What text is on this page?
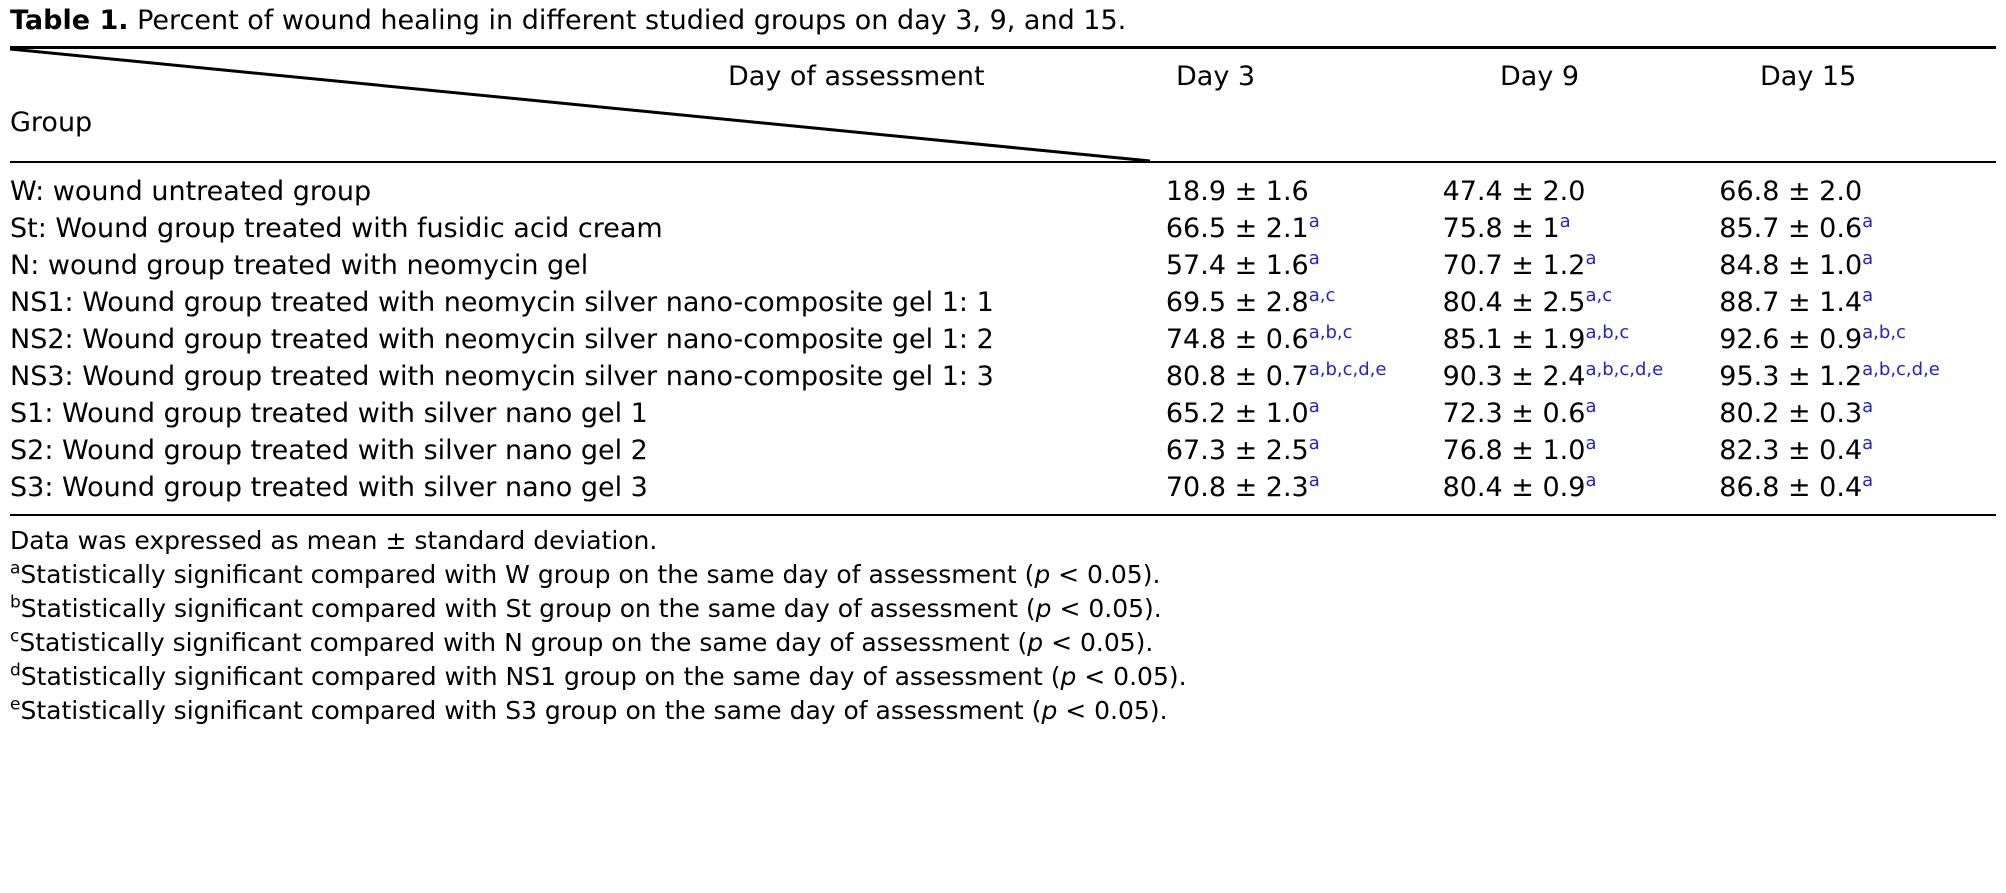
Table 1. Percent of wound healing in different studied groups on day 3, 9, and 15.
Day of assessment
Group
Day 3	Day 9	Day 15

W: wound untreated group	18.9 ± 1.6	47.4 ± 2.0	66.8 ± 2.0
St: Wound group treated with fusidic acid cream	66.5 ± 2.1$^a$	$75.8 \pm 1^a$	85.7 ± 0.6$^a$
N: wound group treated with neomycin gel	57.4 ± 1.6$^a$	70.7 ± 1.2$^a$	84.8 ± 1.0$^a$
NS1: Wound group treated with neomycin silver nano-composite gel 1: 1	$69.5 \pm 2.8^{a,c}$	$80.4 \pm 2.5^{a,c}$	88.7 ± 1.4$^a$
NS2: Wound group treated with neomycin silver nano-composite gel 1: 2	$74.8 \pm 0.6^{a,b,c}$	$85.1 \pm 1.9^{a,b,c}$	$92.6 \pm 0.9^{a,b,c}$
NS3: Wound group treated with neomycin silver nano-composite gel 1: 3	$80.8 \pm 0.7^{a,b,c,d,e}$	$90.3 \pm 2.4^{a,b,c,d,e}$	$95.3 \pm 1.2^{a,b,c,d,e}$
S1: Wound group treated with silver nano gel 1	65.2 ± 1.0$^a$	72.3 ± 0.6$^a$	80.2 ± 0.3$^a$
S2: Wound group treated with silver nano gel 2	67.3 ± 2.5$^a$	76.8 ± 1.0$^a$	82.3 ± 0.4$^a$
S3: Wound group treated with silver nano gel 3	70.8 ± 2.3$^a$	80.4 ± 0.9$^a$	86.8 ± 0.4$^a$

Data was expressed as mean ± standard deviation.
$^a$Statistically significant compared with W group on the same day of assessment (p < 0.05).
$^b$Statistically significant compared with St group on the same day of assessment (p < 0.05).
$^c$Statistically significant compared with N group on the same day of assessment (p < 0.05).
$^d$Statistically significant compared with NS1 group on the same day of assessment (p < 0.05).
$^e$Statistically significant compared with S3 group on the same day of assessment (p < 0.05).
